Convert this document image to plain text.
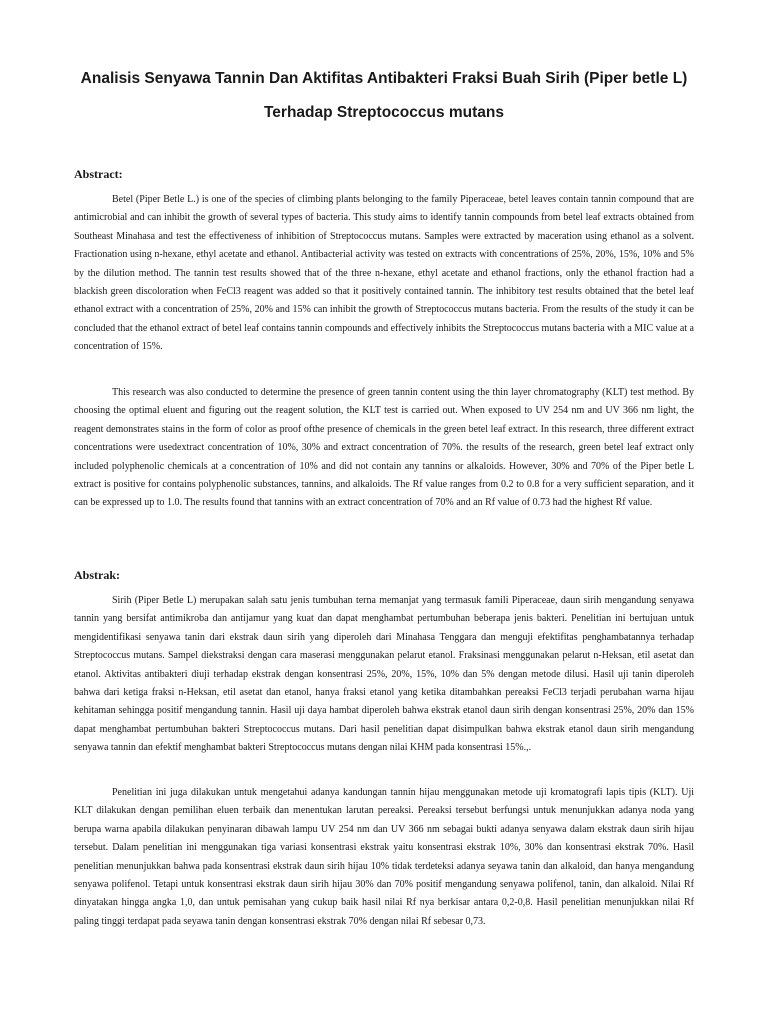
Analisis Senyawa Tannin Dan Aktifitas Antibakteri Fraksi Buah Sirih (Piper betle L)
Terhadap Streptococcus mutans
Abstract:

Betel (Piper Betle L.) is one of the species of climbing plants belonging to the family Piperaceae, betel leaves contain tannin compound that are antimicrobial and can inhibit the growth of several types of bacteria. This study aims to identify tannin compounds from betel leaf extracts obtained from Southeast Minahasa and test the effectiveness of inhibition of Streptococcus mutans. Samples were extracted by maceration using ethanol as a solvent. Fractionation using n-hexane, ethyl acetate and ethanol. Antibacterial activity was tested on extracts with concentrations of 25%, 20%, 15%, 10% and 5% by the dilution method. The tannin test results showed that of the three n-hexane, ethyl acetate and ethanol fractions, only the ethanol fraction had a blackish green discoloration when FeCl3 reagent was added so that it positively contained tannin. The inhibitory test results obtained that the betel leaf ethanol extract with a concentration of 25%, 20% and 15% can inhibit the growth of Streptococcus mutans bacteria. From the results of the study it can be concluded that the ethanol extract of betel leaf contains tannin compounds and effectively inhibits the Streptococcus mutans bacteria with a MIC value at a concentration of 15%.

This research was also conducted to determine the presence of green tannin content using the thin layer chromatography (KLT) test method. By choosing the optimal eluent and figuring out the reagent solution, the KLT test is carried out. When exposed to UV 254 nm and UV 366 nm light, the reagent demonstrates stains in the form of color as proof ofthe presence of chemicals in the green betel leaf extract. In this research, three different extract concentrations were usedextract concentration of 10%, 30% and extract concentration of 70%. the results of the research, green betel leaf extract only included polyphenolic chemicals at a concentration of 10% and did not contain any tannins or alkaloids. However, 30% and 70% of the Piper betle L extract is positive for contains polyphenolic substances, tannins, and alkaloids. The Rf value ranges from 0.2 to 0.8 for a very sufficient separation, and it can be expressed up to 1.0. The results found that tannins with an extract concentration of 70% and an Rf value of 0.73 had the highest Rf value.

Abstrak:

Sirih (Piper Betle L) merupakan salah satu jenis tumbuhan terna memanjat yang termasuk famili Piperaceae, daun sirih mengandung senyawa tannin yang bersifat antimikroba dan antijamur yang kuat dan dapat menghambat pertumbuhan beberapa jenis bakteri. Penelitian ini bertujuan untuk mengidentifikasi senyawa tanin dari ekstrak daun sirih yang diperoleh dari Minahasa Tenggara dan menguji efektifitas penghambatannya terhadap Streptococcus mutans. Sampel diekstraksi dengan cara maserasi menggunakan pelarut etanol. Fraksinasi menggunakan pelarut n-Heksan, etil asetat dan etanol. Aktivitas antibakteri diuji terhadap ekstrak dengan konsentrasi 25%, 20%, 15%, 10% dan 5% dengan metode dilusi. Hasil uji tanin diperoleh bahwa dari ketiga fraksi n-Heksan, etil asetat dan etanol, hanya fraksi etanol yang ketika ditambahkan pereaksi FeCl3 terjadi perubahan warna hijau kehitaman sehingga positif mengandung tannin. Hasil uji daya hambat diperoleh bahwa ekstrak etanol daun sirih dengan konsentrasi 25%, 20% dan 15% dapat menghambat pertumbuhan bakteri Streptococcus mutans. Dari hasil penelitian dapat disimpulkan bahwa ekstrak etanol daun sirih mengandung senyawa tannin dan efektif menghambat bakteri Streptococcus mutans dengan nilai KHM pada konsentrasi 15%.,.

Penelitian ini juga dilakukan untuk mengetahui adanya kandungan tannin hijau menggunakan metode uji kromatografi lapis tipis (KLT). Uji KLT dilakukan dengan pemilihan eluen terbaik dan menentukan larutan pereaksi. Pereaksi tersebut berfungsi untuk menunjukkan adanya noda yang berupa warna apabila dilakukan penyinaran dibawah lampu UV 254 nm dan UV 366 nm sebagai bukti adanya senyawa dalam ekstrak daun sirih hijau tersebut. Dalam penelitian ini menggunakan tiga variasi konsentrasi ekstrak yaitu konsentrasi ekstrak 10%, 30% dan konsentrasi ekstrak 70%. Hasil penelitian menunjukkan bahwa pada konsentrasi ekstrak daun sirih hijau 10% tidak terdeteksi adanya seyawa tanin dan alkaloid, dan hanya mengandung senyawa polifenol. Tetapi untuk konsentrasi ekstrak daun sirih hijau 30% dan 70% positif mengandung senyawa polifenol, tanin, dan alkaloid. Nilai Rf dinyatakan hingga angka 1,0, dan untuk pemisahan yang cukup baik hasil nilai Rf nya berkisar antara 0,2-0,8. Hasil penelitian menunjukkan nilai Rf paling tinggi terdapat pada seyawa tanin dengan konsentrasi ekstrak 70% dengan nilai Rf sebesar 0,73.
